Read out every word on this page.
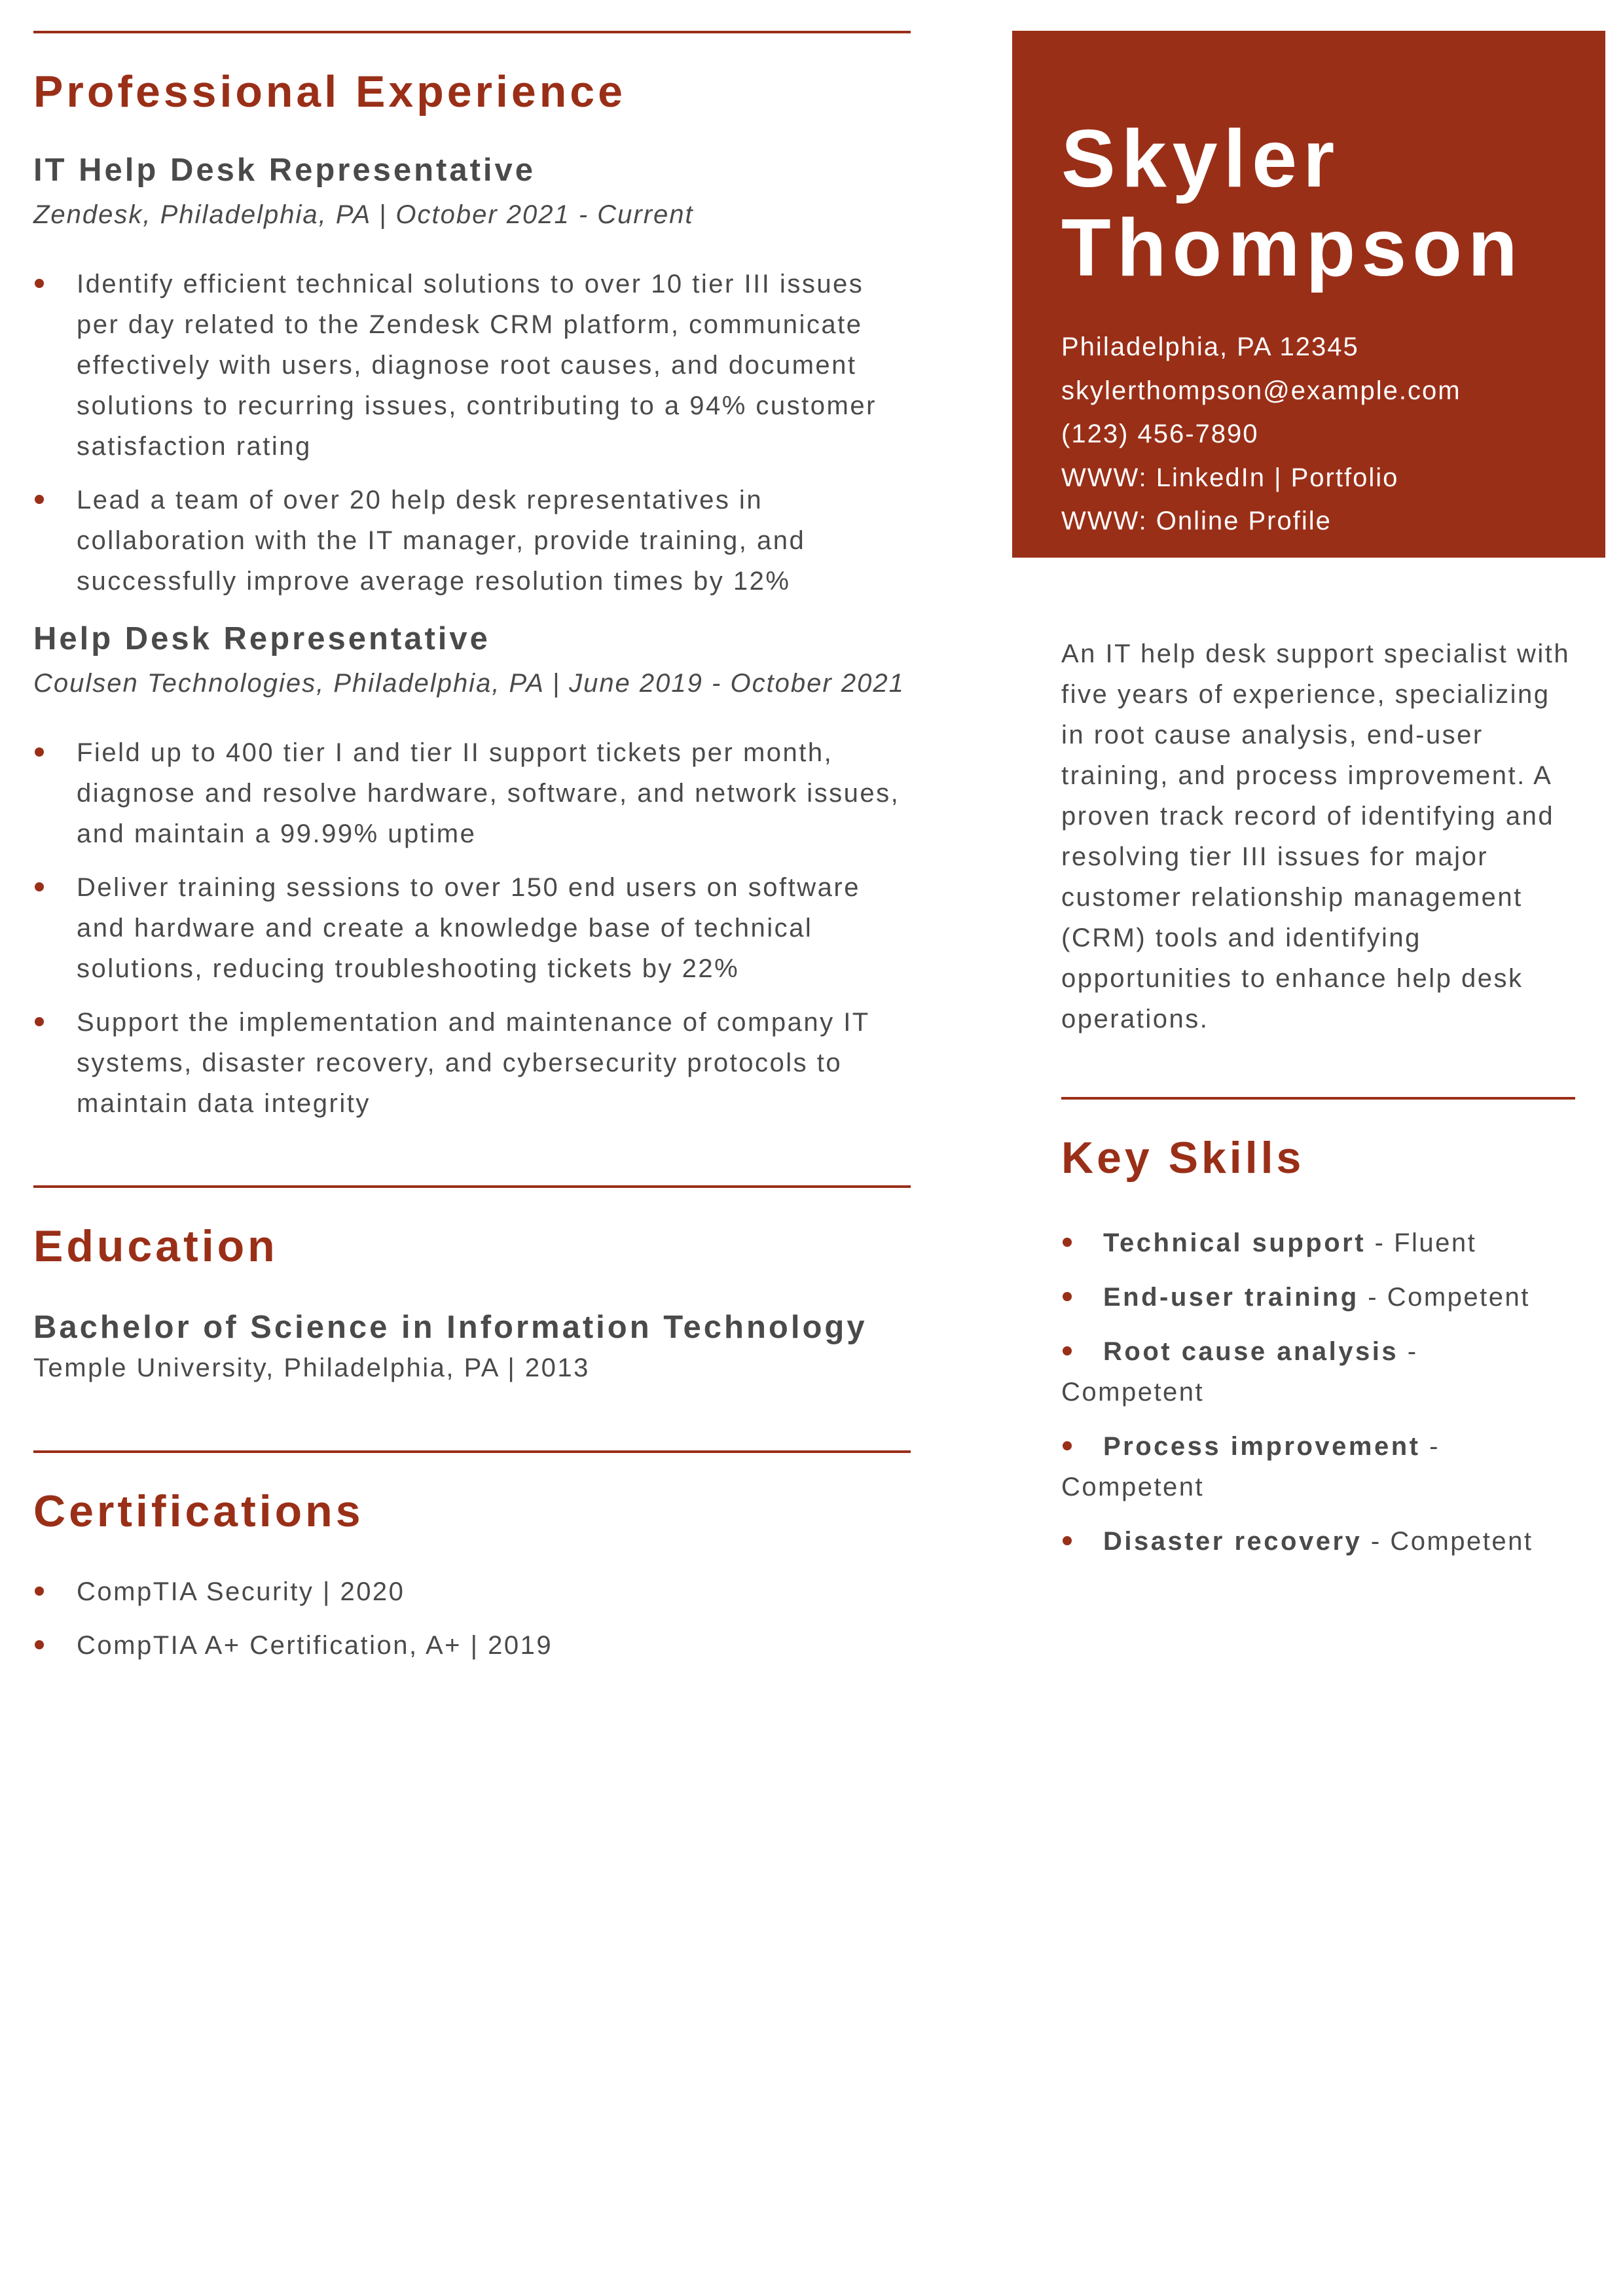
Professional Experience
IT Help Desk Representative
Zendesk, Philadelphia, PA | October 2021 - Current
Identify efficient technical solutions to over 10 tier III issues per day related to the Zendesk CRM platform, communicate effectively with users, diagnose root causes, and document solutions to recurring issues, contributing to a 94% customer satisfaction rating
Lead a team of over 20 help desk representatives in collaboration with the IT manager, provide training, and successfully improve average resolution times by 12%
Help Desk Representative
Coulsen Technologies, Philadelphia, PA | June 2019 - October 2021
Field up to 400 tier I and tier II support tickets per month, diagnose and resolve hardware, software, and network issues, and maintain a 99.99% uptime
Deliver training sessions to over 150 end users on software and hardware and create a knowledge base of technical solutions, reducing troubleshooting tickets by 22%
Support the implementation and maintenance of company IT systems, disaster recovery, and cybersecurity protocols to maintain data integrity
Education
Bachelor of Science in Information Technology
Temple University, Philadelphia, PA | 2013
Certifications
CompTIA Security | 2020
CompTIA A+ Certification, A+ | 2019
Skyler
Thompson
Philadelphia, PA 12345
skylerthompson@example.com
(123) 456-7890
WWW: LinkedIn | Portfolio
WWW: Online Profile
An IT help desk support specialist with five years of experience, specializing in root cause analysis, end-user training, and process improvement. A proven track record of identifying and resolving tier III issues for major customer relationship management (CRM) tools and identifying opportunities to enhance help desk operations.
Key Skills
Technical support - Fluent
End-user training - Competent
Root cause analysis - Competent
Process improvement - Competent
Disaster recovery - Competent
